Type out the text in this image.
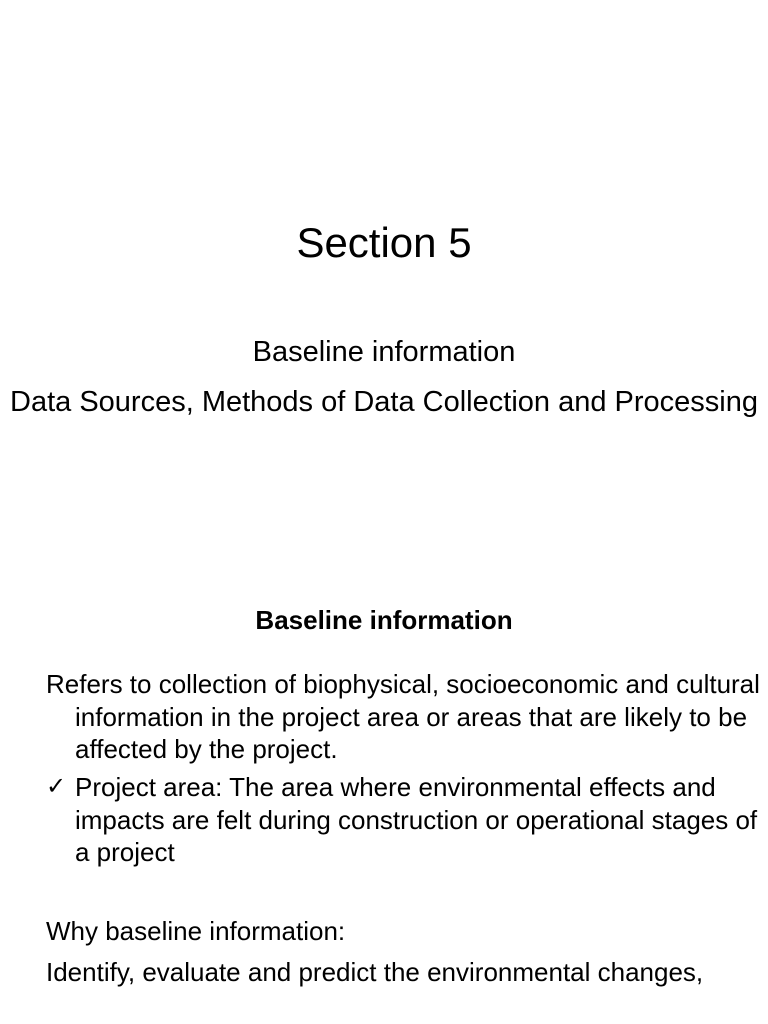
Section 5

Baseline information

Data Sources, Methods of Data Collection and Processing

Baseline information

Refers to collection of biophysical, socioeconomic and cultural information in the project area or areas that are likely to be affected by the project.

✓ Project area: The area where environmental effects and impacts are felt during construction or operational stages of a project

Why baseline information:

Identify, evaluate and predict the environmental changes,
